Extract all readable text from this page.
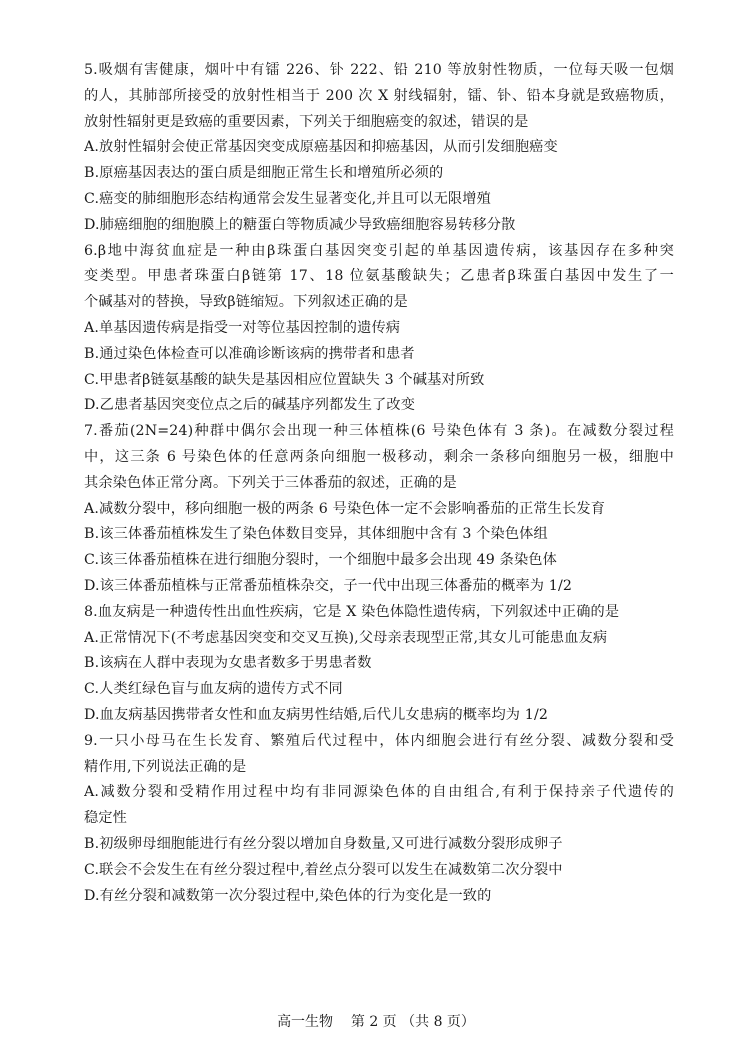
5.吸烟有害健康，烟叶中有镭 226、钋 222、铅 210 等放射性物质，一位每天吸一包烟
的人，其肺部所接受的放射性相当于 200 次 X 射线辐射，镭、钋、铅本身就是致癌物质，
放射性辐射更是致癌的重要因素，下列关于细胞癌变的叙述，错误的是
A.放射性辐射会使正常基因突变成原癌基因和抑癌基因，从而引发细胞癌变
B.原癌基因表达的蛋白质是细胞正常生长和增殖所必须的
C.癌变的肺细胞形态结构通常会发生显著变化,并且可以无限增殖
D.肺癌细胞的细胞膜上的糖蛋白等物质减少导致癌细胞容易转移分散
6.β地中海贫血症是一种由β珠蛋白基因突变引起的单基因遗传病，该基因存在多种突
变类型。甲患者珠蛋白β链第 17、18 位氨基酸缺失；乙患者β珠蛋白基因中发生了一
个碱基对的替换，导致β链缩短。下列叙述正确的是
A.单基因遗传病是指受一对等位基因控制的遗传病
B.通过染色体检查可以准确诊断该病的携带者和患者
C.甲患者β链氨基酸的缺失是基因相应位置缺失 3 个碱基对所致
D.乙患者基因突变位点之后的碱基序列都发生了改变
7.番茄(2N=24)种群中偶尔会出现一种三体植株(6 号染色体有 3 条)。在减数分裂过程
中，这三条 6 号染色体的任意两条向细胞一极移动，剩余一条移向细胞另一极，细胞中
其余染色体正常分离。下列关于三体番茄的叙述，正确的是
A.减数分裂中，移向细胞一极的两条 6 号染色体一定不会影响番茄的正常生长发育
B.该三体番茄植株发生了染色体数目变异，其体细胞中含有 3 个染色体组
C.该三体番茄植株在进行细胞分裂时，一个细胞中最多会出现 49 条染色体
D.该三体番茄植株与正常番茄植株杂交，子一代中出现三体番茄的概率为 1/2
8.血友病是一种遗传性出血性疾病，它是 X 染色体隐性遗传病，下列叙述中正确的是
A.正常情况下(不考虑基因突变和交叉互换),父母亲表现型正常,其女儿可能患血友病
B.该病在人群中表现为女患者数多于男患者数
C.人类红绿色盲与血友病的遗传方式不同
D.血友病基因携带者女性和血友病男性结婚,后代儿女患病的概率均为 1/2
9.一只小母马在生长发育、繁殖后代过程中，体内细胞会进行有丝分裂、减数分裂和受
精作用,下列说法正确的是
A.减数分裂和受精作用过程中均有非同源染色体的自由组合,有利于保持亲子代遗传的
稳定性
B.初级卵母细胞能进行有丝分裂以增加自身数量,又可进行减数分裂形成卵子
C.联会不会发生在有丝分裂过程中,着丝点分裂可以发生在减数第二次分裂中
D.有丝分裂和减数第一次分裂过程中,染色体的行为变化是一致的
高一生物    第 2 页 （共 8 页）
